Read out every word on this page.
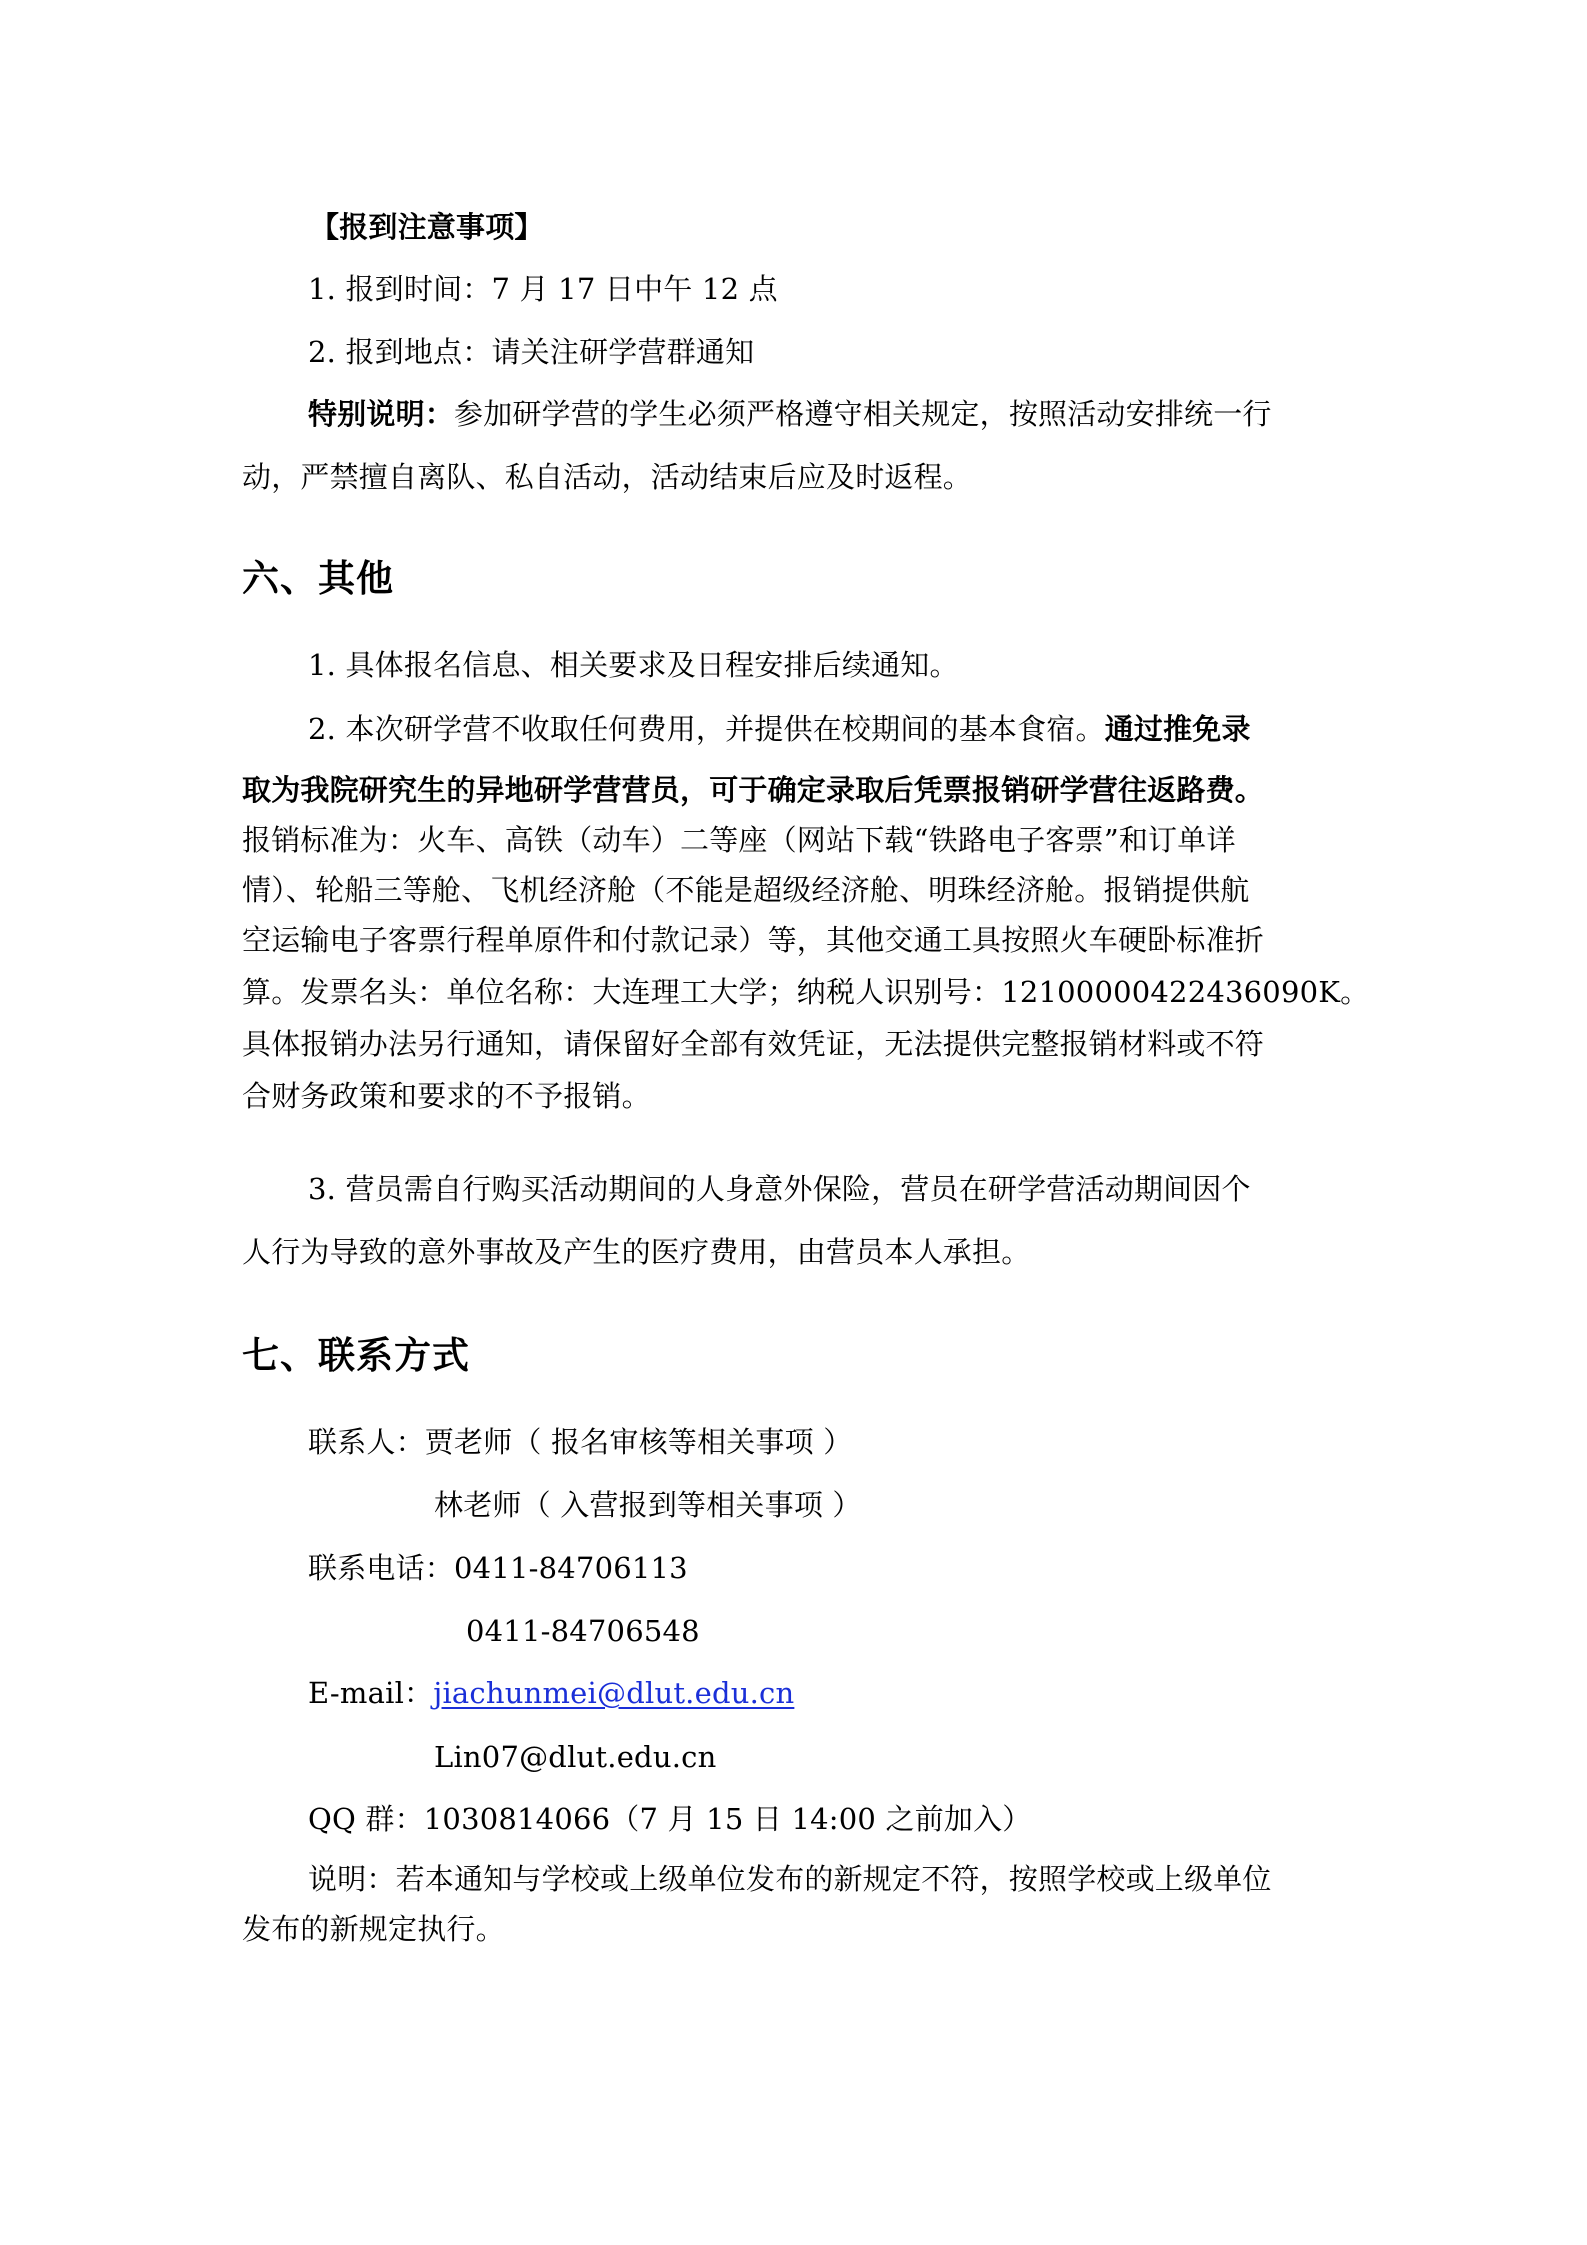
【报到注意事项】
1. 报到时间：7 月 17 日中午 12 点
2. 报到地点：请关注研学营群通知
特别说明：参加研学营的学生必须严格遵守相关规定，按照活动安排统一行
动，严禁擅自离队、私自活动，活动结束后应及时返程。
六、其他
1. 具体报名信息、相关要求及日程安排后续通知。
2. 本次研学营不收取任何费用，并提供在校期间的基本食宿。通过推免录
取为我院研究生的异地研学营营员，可于确定录取后凭票报销研学营往返路费。
报销标准为：火车、高铁（动车）二等座（网站下载“铁路电子客票”和订单详
情）、轮船三等舱、飞机经济舱（不能是超级经济舱、明珠经济舱。报销提供航
空运输电子客票行程单原件和付款记录）等，其他交通工具按照火车硬卧标准折
算。发票名头：单位名称：大连理工大学；纳税人识别号：12100000422436090K。
具体报销办法另行通知，请保留好全部有效凭证，无法提供完整报销材料或不符
合财务政策和要求的不予报销。
3. 营员需自行购买活动期间的人身意外保险，营员在研学营活动期间因个
人行为导致的意外事故及产生的医疗费用，由营员本人承担。
七、联系方式
联系人：贾老师（ 报名审核等相关事项 ）
林老师（ 入营报到等相关事项 ）
联系电话：0411-84706113
0411-84706548
E-mail：jiachunmei@dlut.edu.cn
Lin07@dlut.edu.cn
QQ 群：1030814066（7 月 15 日 14:00 之前加入）
说明：若本通知与学校或上级单位发布的新规定不符，按照学校或上级单位
发布的新规定执行。
